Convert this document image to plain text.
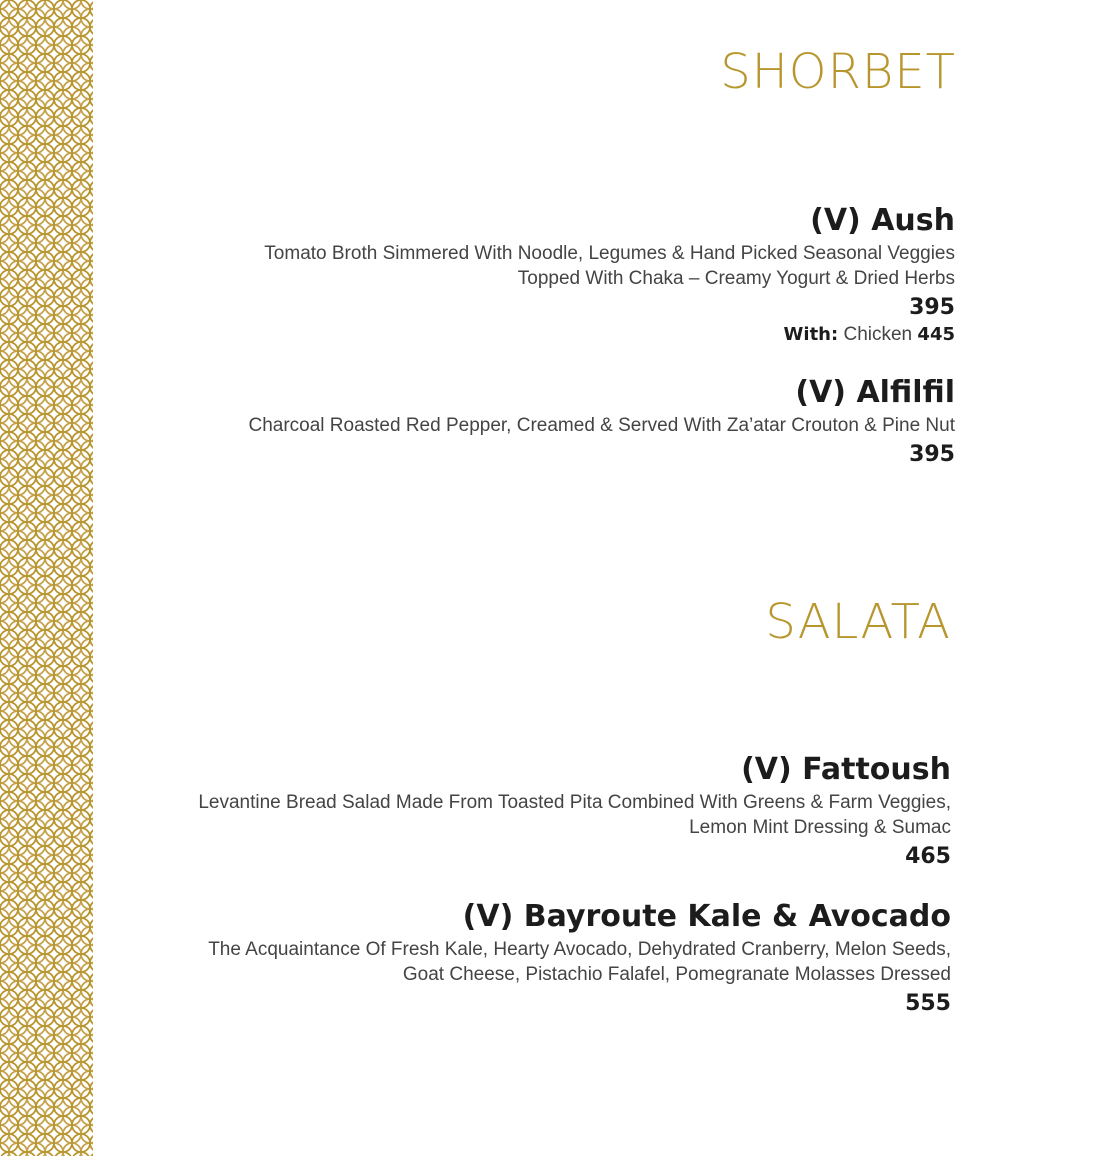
SHORBET

(V) Aush

Tomato Broth Simmered With Noodle, Legumes & Hand Picked Seasonal Veggies

Topped With Chaka – Creamy Yogurt & Dried Herbs

395

With: Chicken 445

(V) Alfilfil

Charcoal Roasted Red Pepper, Creamed & Served With Za’atar Crouton & Pine Nut

395

SALATA

(V) Fattoush

Levantine Bread Salad Made From Toasted Pita Combined With Greens & Farm Veggies,

Lemon Mint Dressing & Sumac

465

(V) Bayroute Kale & Avocado

The Acquaintance Of Fresh Kale, Hearty Avocado, Dehydrated Cranberry, Melon Seeds,

Goat Cheese, Pistachio Falafel, Pomegranate Molasses Dressed

555
